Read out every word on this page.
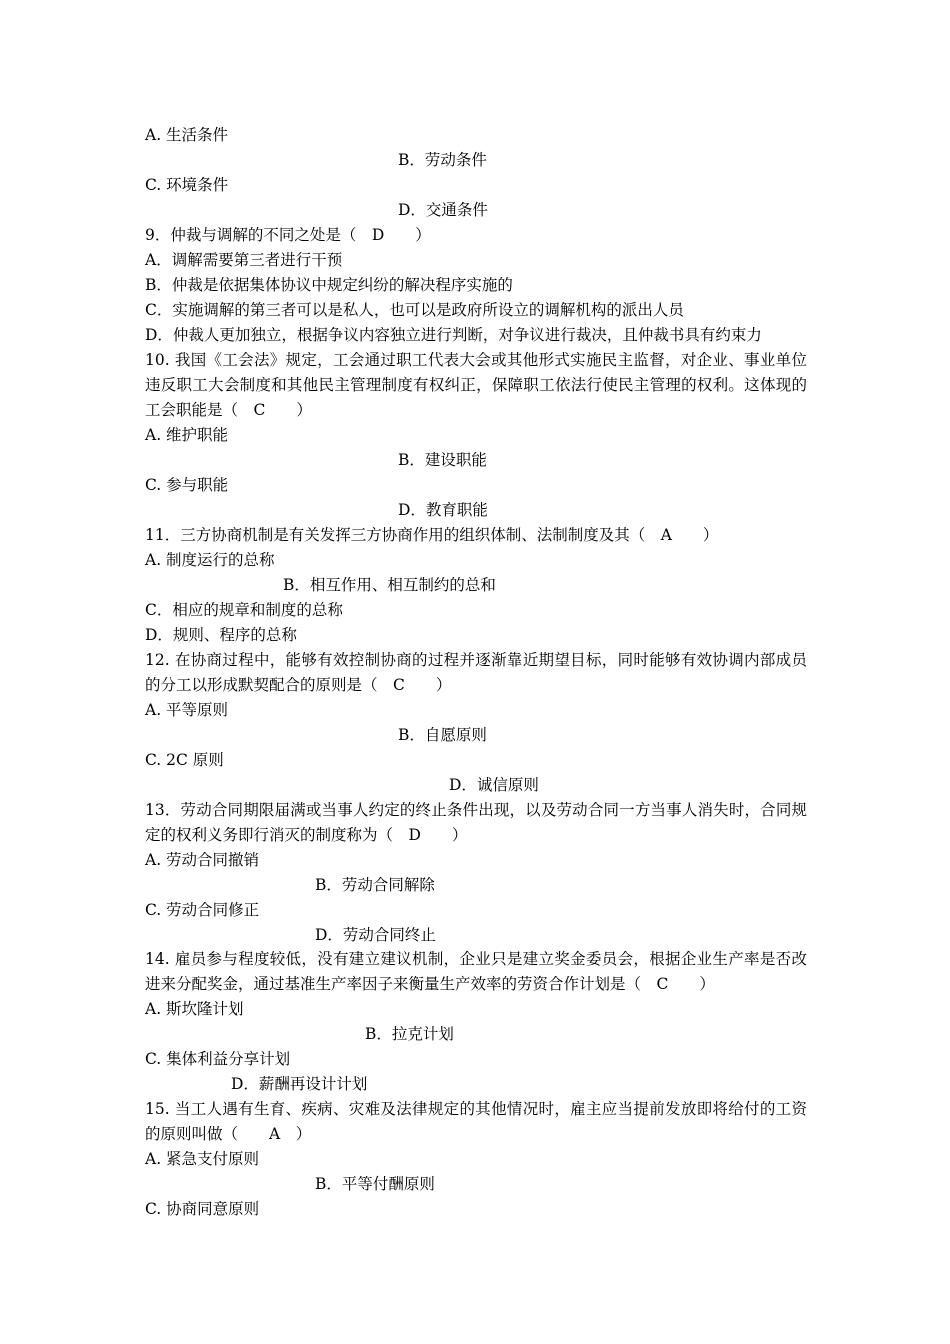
A. 生活条件
B．劳动条件
C. 环境条件
D．交通条件
9．仲裁与调解的不同之处是（　D　　）
A．调解需要第三者进行干预
B．仲裁是依据集体协议中规定纠纷的解决程序实施的
C．实施调解的第三者可以是私人，也可以是政府所设立的调解机构的派出人员
D．仲裁人更加独立，根据争议内容独立进行判断，对争议进行裁决，且仲裁书具有约束力
10. 我国《工会法》规定，工会通过职工代表大会或其他形式实施民主监督，对企业、事业单位违反职工大会制度和其他民主管理制度有权纠正，保障职工依法行使民主管理的权利。这体现的工会职能是（　C　　）
A. 维护职能
B．建设职能
C. 参与职能
D．教育职能
11．三方协商机制是有关发挥三方协商作用的组织体制、法制制度及其（　A　　）
A. 制度运行的总称
B．相互作用、相互制约的总和
C．相应的规章和制度的总称
D．规则、程序的总称
12. 在协商过程中，能够有效控制协商的过程并逐渐靠近期望目标，同时能够有效协调内部成员的分工以形成默契配合的原则是（　C　　）
A. 平等原则
B．自愿原则
C. 2C 原则
D．诚信原则
13．劳动合同期限届满或当事人约定的终止条件出现，以及劳动合同一方当事人消失时，合同规定的权利义务即行消灭的制度称为（　D　　）
A. 劳动合同撤销
B．劳动合同解除
C. 劳动合同修正
D．劳动合同终止
14. 雇员参与程度较低，没有建立建议机制，企业只是建立奖金委员会，根据企业生产率是否改进来分配奖金，通过基准生产率因子来衡量生产效率的劳资合作计划是（　C　　）
A. 斯坎隆计划
B．拉克计划
C. 集体利益分享计划
D．薪酬再设计计划
15. 当工人遇有生育、疾病、灾难及法律规定的其他情况时，雇主应当提前发放即将给付的工资的原则叫做（　　A　）
A. 紧急支付原则
B．平等付酬原则
C. 协商同意原则
